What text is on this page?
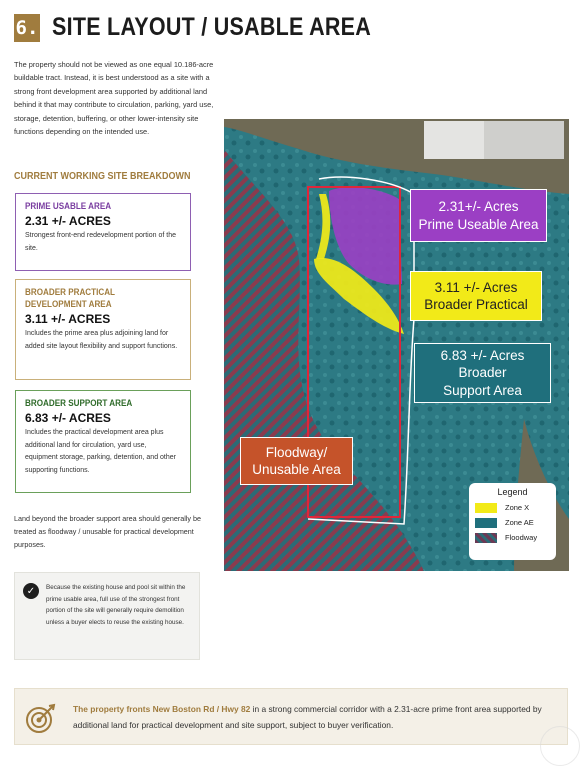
6. SITE LAYOUT / USABLE AREA
The property should not be viewed as one equal 10.186-acre buildable tract. Instead, it is best understood as a site with a strong front development area supported by additional land behind it that may contribute to circulation, parking, yard use, storage, detention, buffering, or other lower-intensity site functions depending on the intended use.
CURRENT WORKING SITE BREAKDOWN
PRIME USABLE AREA
2.31 +/- ACRES
Strongest front-end redevelopment portion of the site.
BROADER PRACTICAL DEVELOPMENT AREA
3.11 +/- ACRES
Includes the prime area plus adjoining land for added site layout flexibility and support functions.
BROADER SUPPORT AREA
6.83 +/- ACRES
Includes the practical development area plus additional land for circulation, yard use, equipment storage, parking, detention, and other supporting functions.
Land beyond the broader support area should generally be treated as floodway / unusable for practical development purposes.
✓	Because the existing house and pool sit within the prime usable area, full use of the strongest front portion of the site will generally require demolition unless a buyer elects to reuse the existing house.
2.31+/- Acres
Prime Useable Area
3.11 +/- Acres
Broader Practical
6.83 +/- Acres
Broader
Support Area
Floodway/
Unusable Area
Legend
Zone X
Zone AE
Floodway
The property fronts New Boston Rd / Hwy 82 in a strong commercial corridor with a 2.31-acre prime front area supported by additional land for practical development and site support, subject to buyer verification.
